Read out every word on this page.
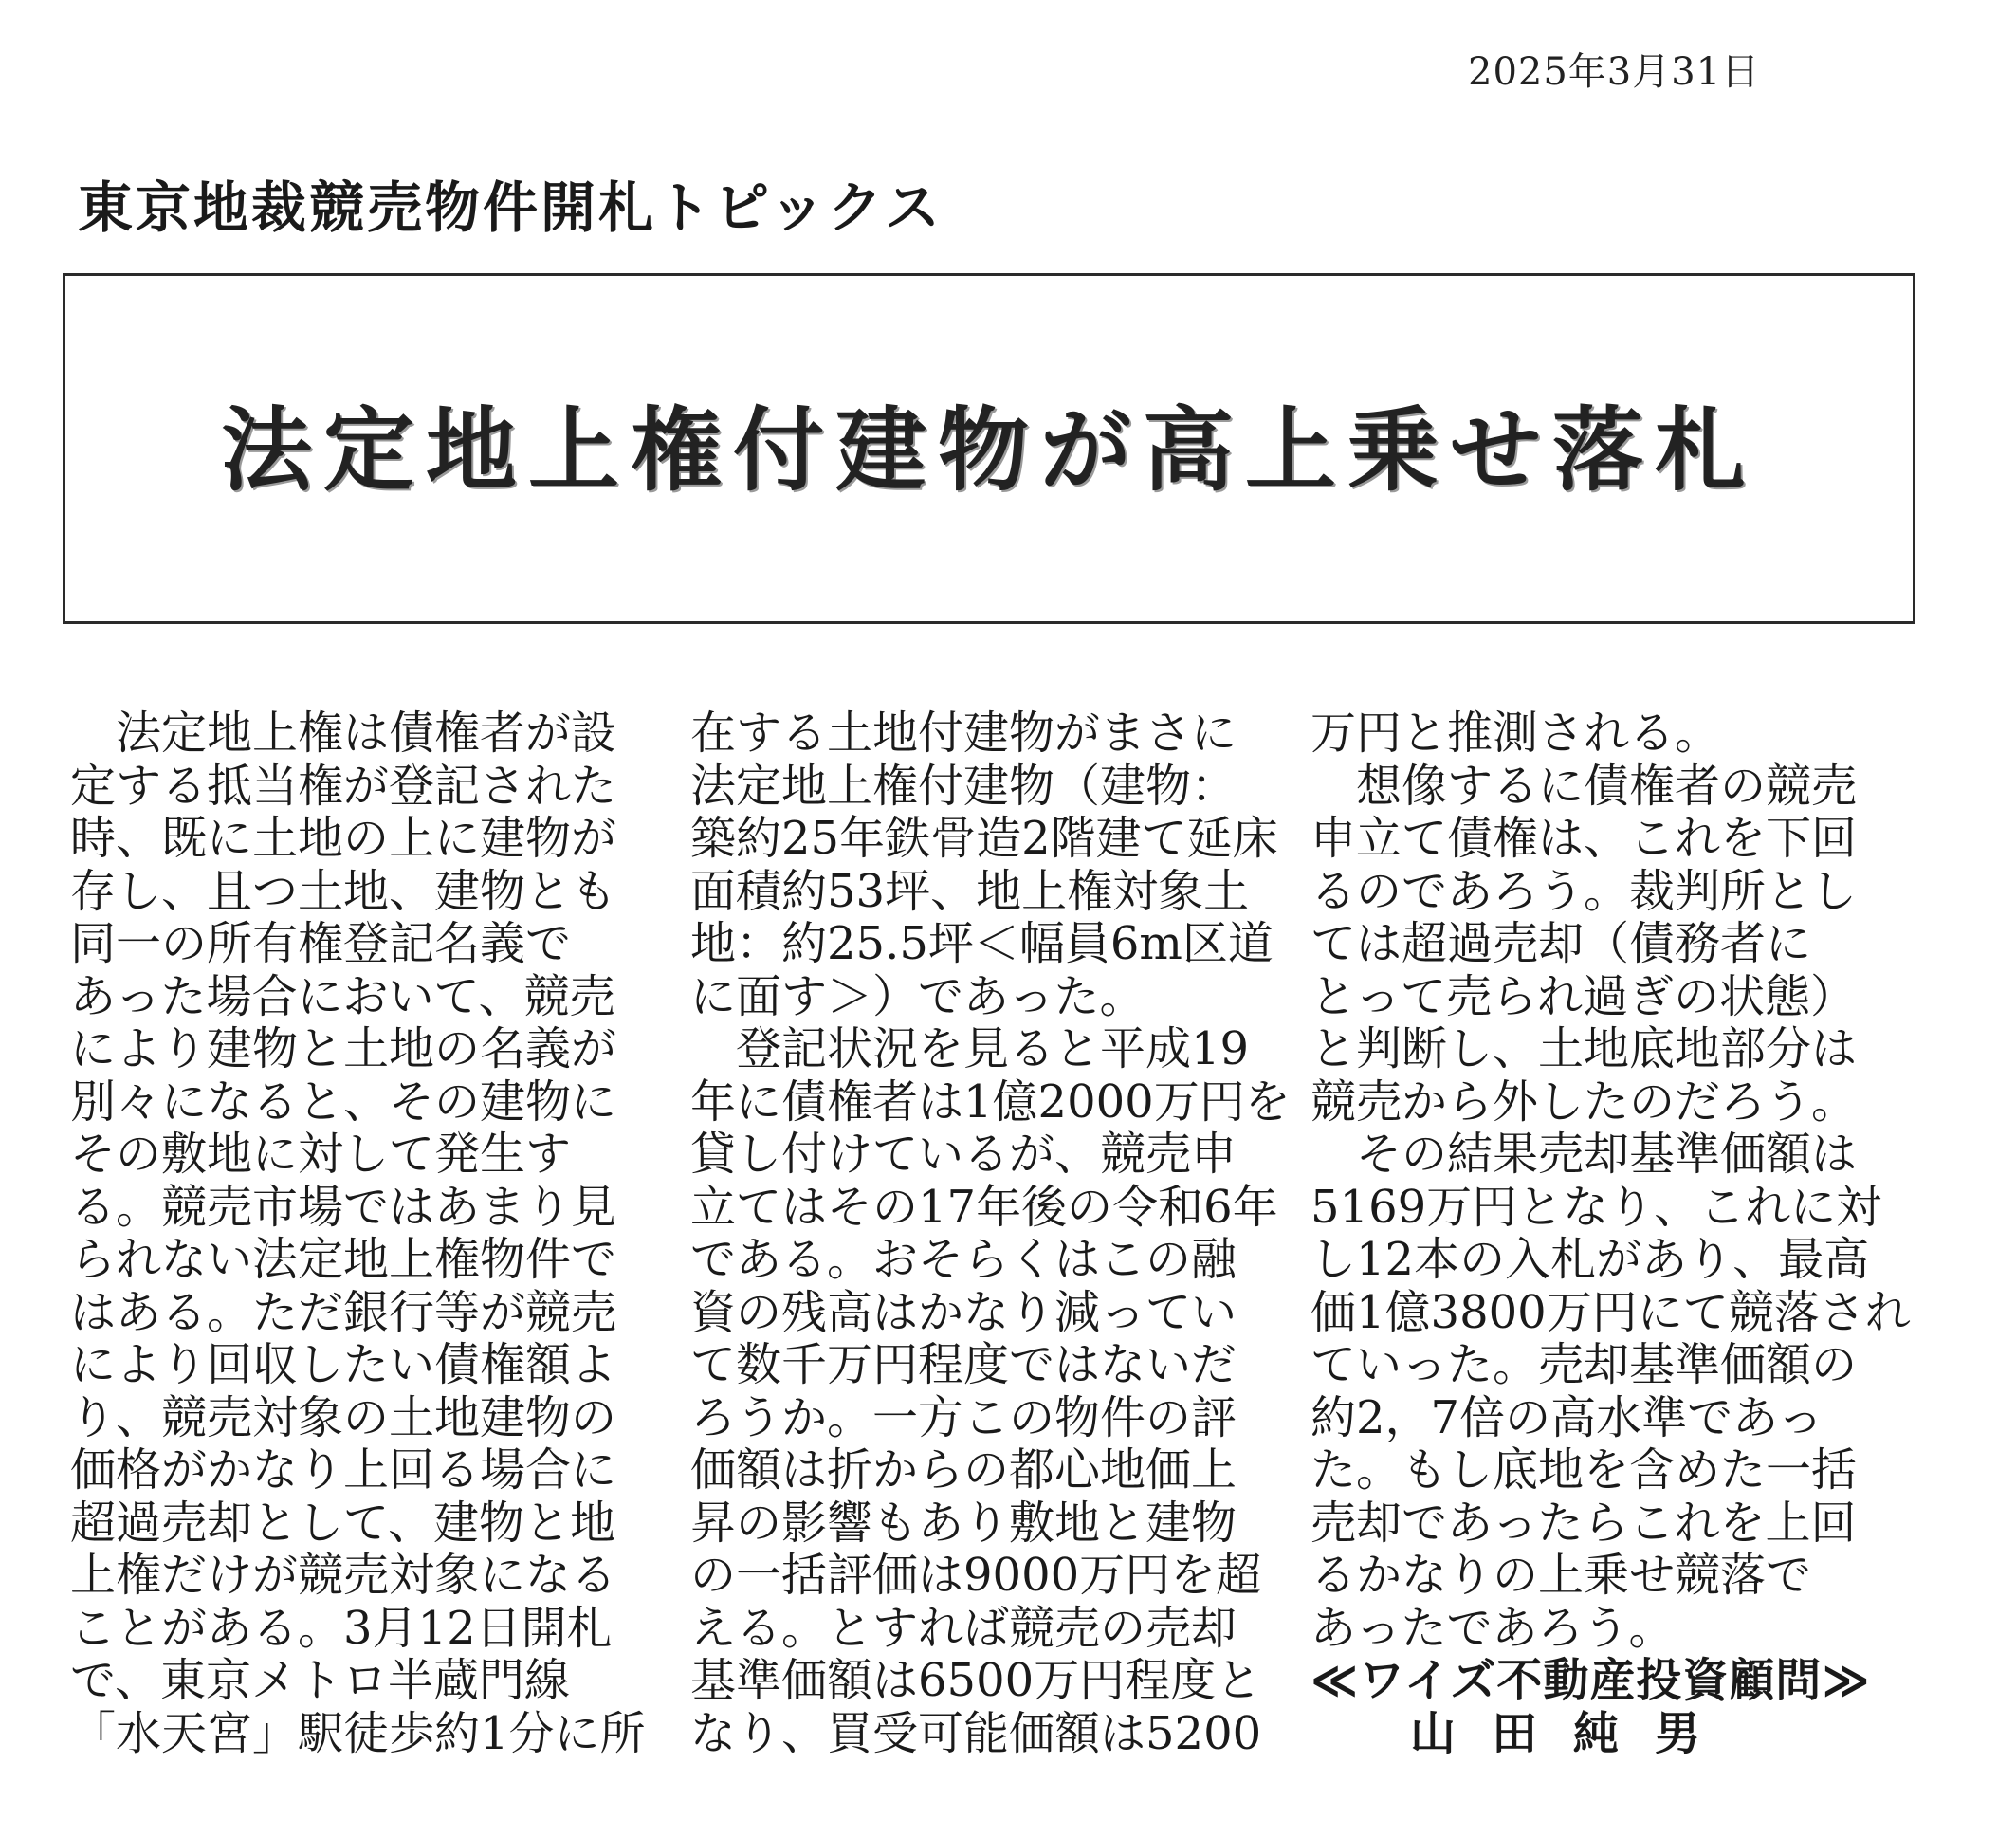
2025年3月31日
東京地裁競売物件開札トピックス
法定地上権付建物が高上乗せ落札
　法定地上権は債権者が設
定する抵当権が登記された
時、既に土地の上に建物が
存し、且つ土地、建物とも
同一の所有権登記名義で
あった場合において、競売
により建物と土地の名義が
別々になると、その建物に
その敷地に対して発生す
る。競売市場ではあまり見
られない法定地上権物件で
はある。ただ銀行等が競売
により回収したい債権額よ
り、競売対象の土地建物の
価格がかなり上回る場合に
超過売却として、建物と地
上権だけが競売対象になる
ことがある。3月12日開札
で、東京メトロ半蔵門線
「水天宮」駅徒歩約1分に所
在する土地付建物がまさに
法定地上権付建物（建物：
築約25年鉄骨造2階建て延床
面積約53坪、地上権対象土
地：約25.5坪＜幅員6m区道
に面す＞）であった。
　登記状況を見ると平成19
年に債権者は1億2000万円を
貸し付けているが、競売申
立てはその17年後の令和6年
である。おそらくはこの融
資の残高はかなり減ってい
て数千万円程度ではないだ
ろうか。一方この物件の評
価額は折からの都心地価上
昇の影響もあり敷地と建物
の一括評価は9000万円を超
える。とすれば競売の売却
基準価額は6500万円程度と
なり、買受可能価額は5200
万円と推測される。
　想像するに債権者の競売
申立て債権は、これを下回
るのであろう。裁判所とし
ては超過売却（債務者に
とって売られ過ぎの状態）
と判断し、土地底地部分は
競売から外したのだろう。
　その結果売却基準価額は
5169万円となり、これに対
し12本の入札があり、最高
価1億3800万円にて競落され
ていった。売却基準価額の
約2，7倍の高水準であっ
た。もし底地を含めた一括
売却であったらこれを上回
るかなりの上乗せ競落で
あったであろう。
≪ワイズ不動産投資顧問≫
山田純男
